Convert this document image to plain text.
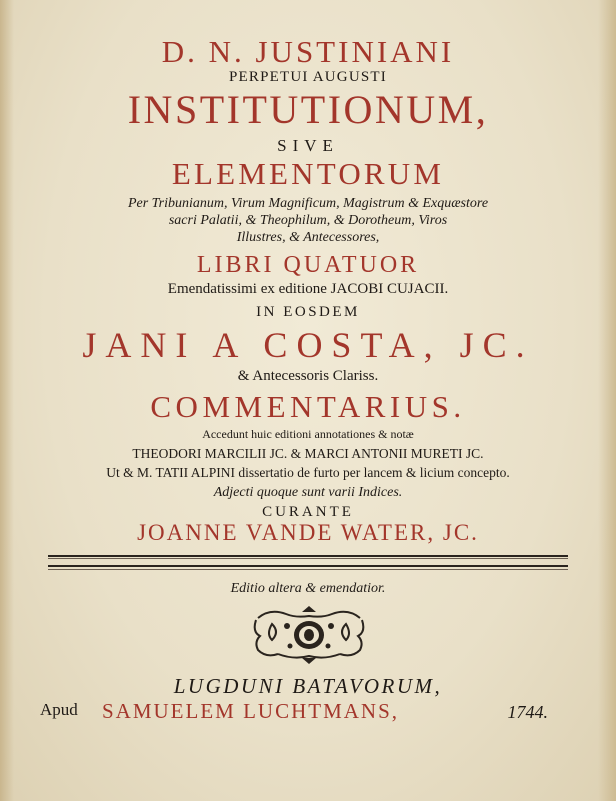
D. N. JUSTINIANI
PERPETUI AUGUSTI
INSTITUTIONUM,
SIVE
ELEMENTORUM
Per Tribunianum, Virum Magnificum, Magistrum & Exquæstore
sacri Palatii, & Theophilum, & Dorotheum, Viros
Illustres, & Antecessores,
LIBRI QUATUOR
Emendatissimi ex editione JACOBI CUJACII.
IN EOSDEM
JANI A COSTA, JC.
& Antecessoris Clariss.
COMMENTARIUS.
Accedunt huic editioni annotationes & notæ
THEODORI MARCILII JC. & MARCI ANTONII MURETI JC.
Ut & M. TATII ALPINI dissertatio de furto per lancem & licium concepto.
Adjecti quoque sunt varii Indices.
CURANTE
JOANNE VANDE WATER, JC.
Editio altera & emendatior.
LUGDUNI BATAVORUM,
Apud SAMUELEM LUCHTMANS,	1744.
